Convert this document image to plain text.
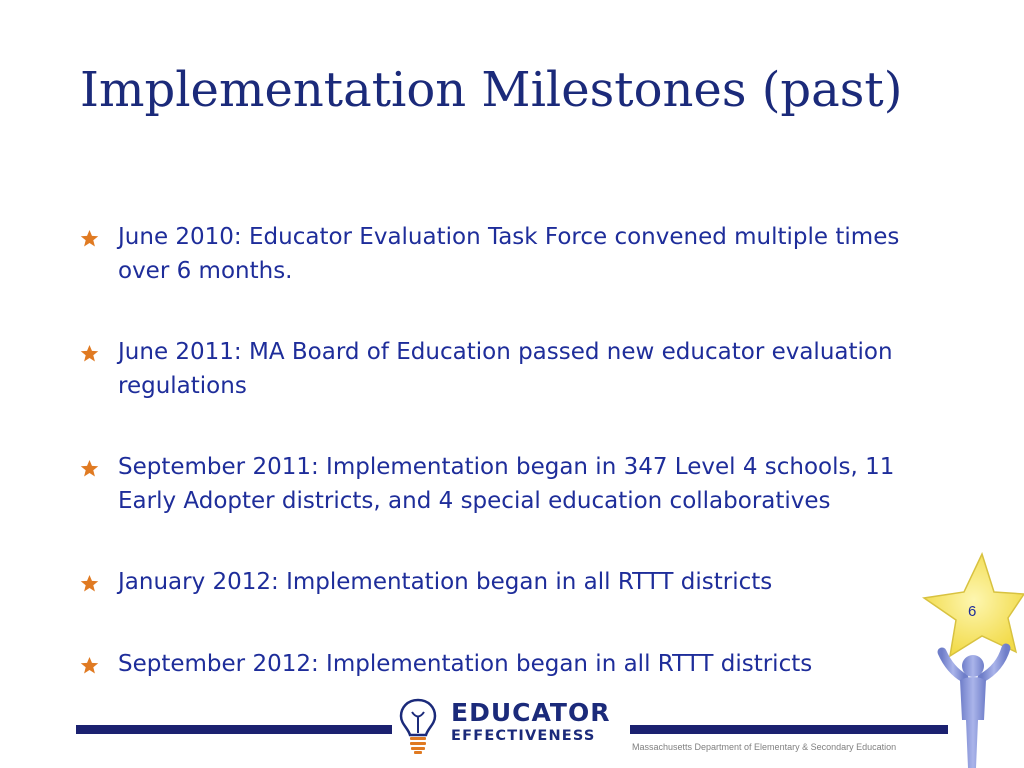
Implementation Milestones (past)
June 2010: Educator Evaluation Task Force convened multiple times over 6 months.
June 2011: MA Board of Education passed new educator evaluation regulations
September 2011: Implementation began in 347 Level 4 schools, 11 Early Adopter districts, and 4 special education collaboratives
January 2012: Implementation began in all RTTT districts
September 2012: Implementation began in all RTTT districts
EDUCATOR
EFFECTIVENESS
Massachusetts Department of Elementary & Secondary Education
6
